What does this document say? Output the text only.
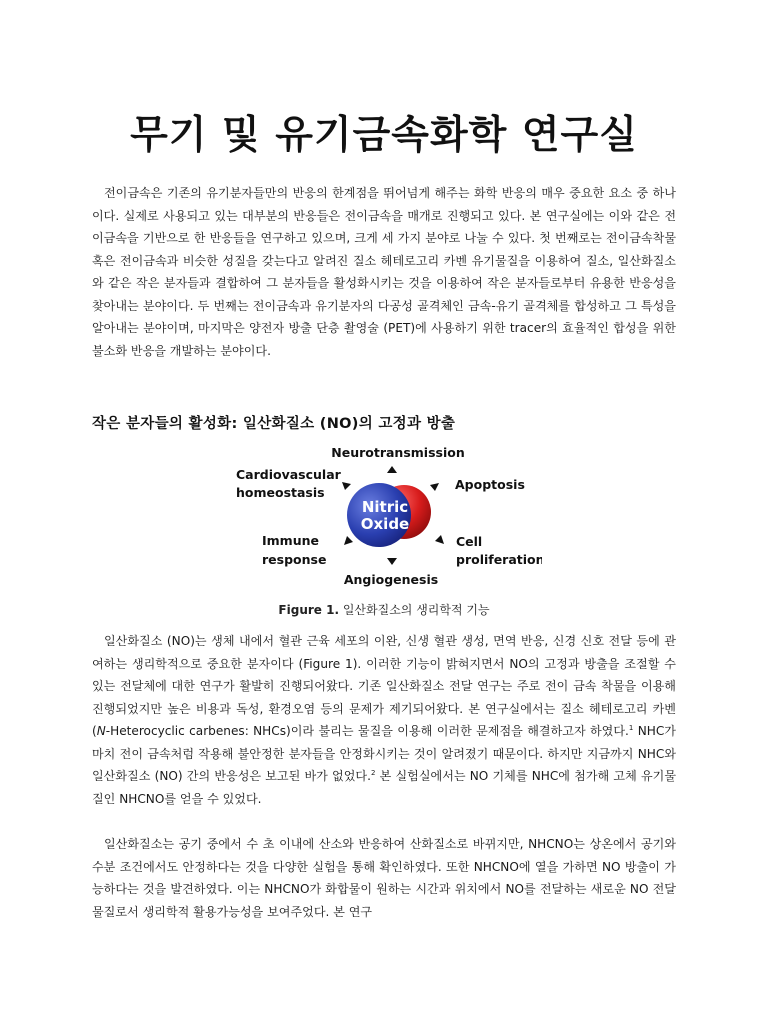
무기 및 유기금속화학 연구실

전이금속은 기존의 유기분자들만의 반응의 한계점을 뛰어넘게 해주는 화학 반응의 매우 중요한 요소 중 하나이다. 실제로 사용되고 있는 대부분의 반응들은 전이금속을 매개로 진행되고 있다. 본 연구실에는 이와 같은 전이금속을 기반으로 한 반응들을 연구하고 있으며, 크게 세 가지 분야로 나눌 수 있다. 첫 번째로는 전이금속착물 혹은 전이금속과 비슷한 성질을 갖는다고 알려진 질소 헤테로고리 카벤 유기물질을 이용하여 질소, 일산화질소와 같은 작은 분자들과 결합하여 그 분자들을 활성화시키는 것을 이용하여 작은 분자들로부터 유용한 반응성을 찾아내는 분야이다. 두 번째는 전이금속과 유기분자의 다공성 골격체인 금속-유기 골격체를 합성하고 그 특성을 알아내는 분야이며, 마지막은 양전자 방출 단층 촬영술 (PET)에 사용하기 위한 tracer의 효율적인 합성을 위한 불소화 반응을 개발하는 분야이다.

작은 분자들의 활성화: 일산화질소 (NO)의 고정과 방출
Nitric
Oxide
Neurotransmission
Cardiovascular
homeostasis
Apoptosis
Immune
response
Cell
proliferation
Angiogenesis

Figure 1. 일산화질소의 생리학적 기능

일산화질소 (NO)는 생체 내에서 혈관 근육 세포의 이완, 신생 혈관 생성, 면역 반응, 신경 신호 전달 등에 관여하는 생리학적으로 중요한 분자이다 (Figure 1). 이러한 기능이 밝혀지면서 NO의 고정과 방출을 조절할 수 있는 전달체에 대한 연구가 활발히 진행되어왔다. 기존 일산화질소 전달 연구는 주로 전이 금속 착물을 이용해 진행되었지만 높은 비용과 독성, 환경오염 등의 문제가 제기되어왔다. 본 연구실에서는 질소 헤테로고리 카벤 (N-Heterocyclic carbenes: NHCs)이라 불리는 물질을 이용해 이러한 문제점을 해결하고자 하였다.$^1$ NHC가 마치 전이 금속처럼 작용해 불안정한 분자들을 안정화시키는 것이 알려졌기 때문이다. 하지만 지금까지 NHC와 일산화질소 (NO) 간의 반응성은 보고된 바가 없었다.$^2$ 본 실험실에서는 NO 기체를 NHC에 첨가해 고체 유기물질인 NHCNO를 얻을 수 있었다.

일산화질소는 공기 중에서 수 초 이내에 산소와 반응하여 산화질소로 바뀌지만, NHCNO는 상온에서 공기와 수분 조건에서도 안정하다는 것을 다양한 실험을 통해 확인하였다. 또한 NHCNO에 열을 가하면 NO 방출이 가능하다는 것을 발견하였다. 이는 NHCNO가 화합물이 원하는 시간과 위치에서 NO를 전달하는 새로운 NO 전달물질로서 생리학적 활용가능성을 보여주었다. 본 연구
